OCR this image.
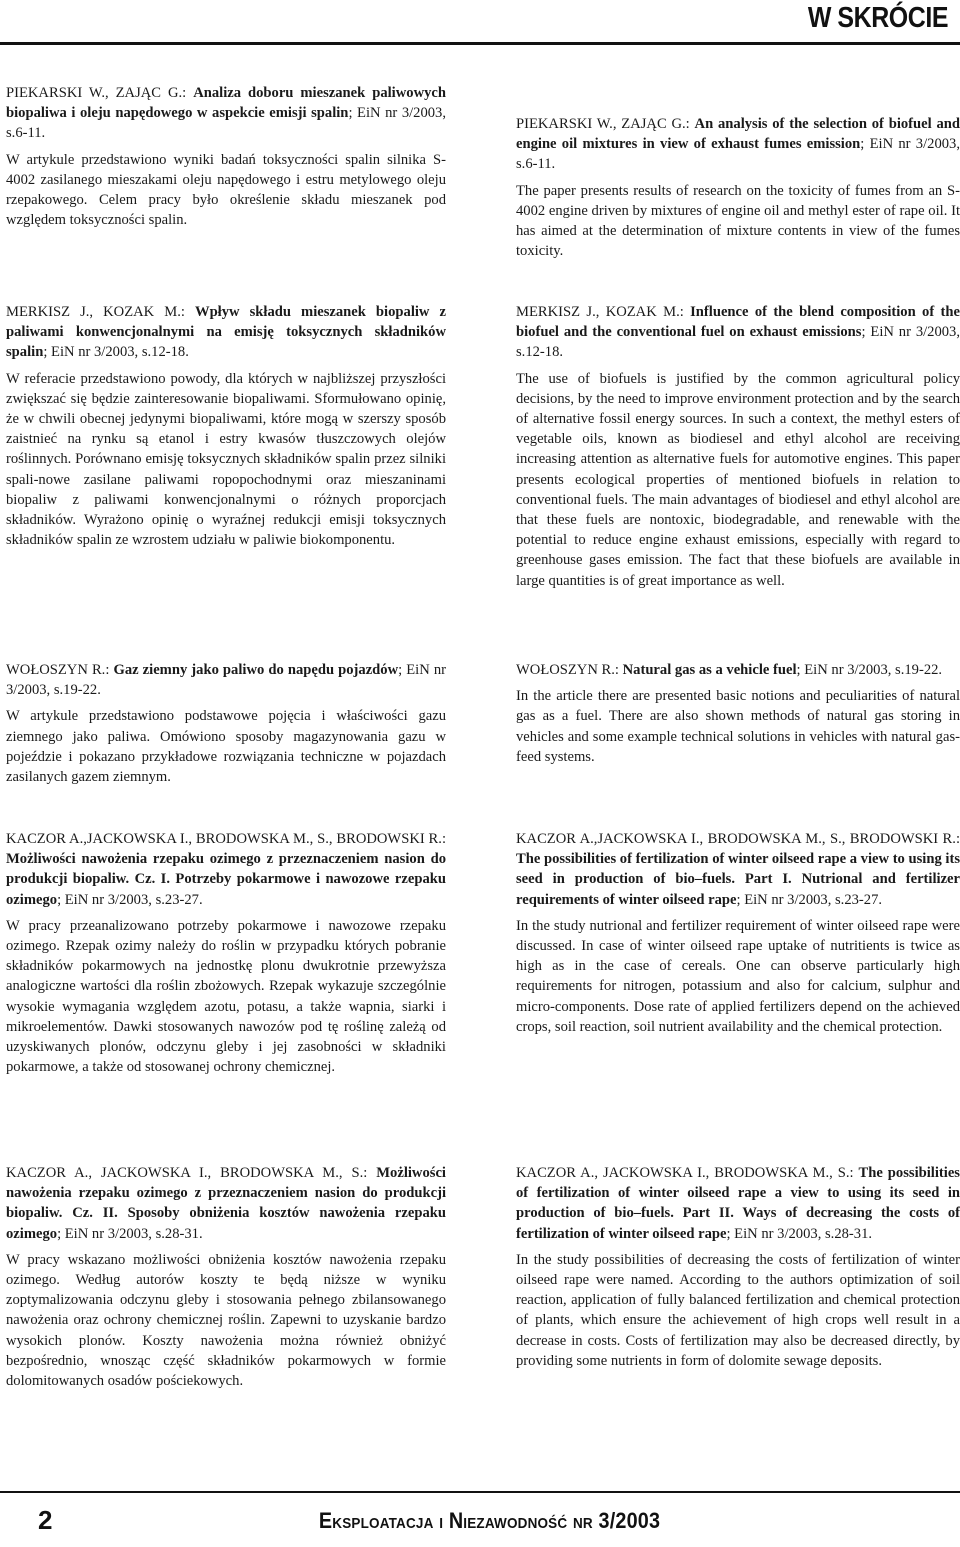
W SKRÓCIE

PIEKARSKI W., ZAJĄC G.: Analiza doboru mieszanek paliwowych biopaliwa i oleju napędowego w aspekcie emisji spalin; EiN nr 3/2003, s.6-11.

W artykule przedstawiono wyniki badań toksyczności spalin silnika S-4002 zasilanego mieszakami oleju napędowego i estru metylowego oleju rzepakowego. Celem pracy było określenie składu mieszanek pod względem toksyczności spalin.

PIEKARSKI W., ZAJĄC G.: An analysis of the selection of biofuel and engine oil mixtures in view of exhaust fumes emission; EiN nr 3/2003, s.6-11.

The paper presents results of research on the toxicity of fumes from an S-4002 engine driven by mixtures of engine oil and methyl ester of rape oil. It has aimed at the determination of mixture contents in view of the fumes toxicity.

MERKISZ J., KOZAK M.: Wpływ składu mieszanek biopaliw z paliwami konwencjonalnymi na emisję toksycznych składników spalin; EiN nr 3/2003, s.12-18.

W referacie przedstawiono powody, dla których w najbliższej przyszłości zwiększać się będzie zainteresowanie biopaliwami. Sformułowano opinię, że w chwili obecnej jedynymi biopaliwami, które mogą w szerszy sposób zaistnieć na rynku są etanol i estry kwasów tłuszczowych olejów roślinnych. Porównano emisję toksycznych składników spalin przez silniki spali-nowe zasilane paliwami ropopochodnymi oraz mieszaninami biopaliw z paliwami konwencjonalnymi o różnych proporcjach składników. Wyrażono opinię o wyraźnej redukcji emisji toksycznych składników spalin ze wzrostem udziału w paliwie biokomponentu.

MERKISZ J., KOZAK M.: Influence of the blend composition of the biofuel and the conventional fuel on exhaust emissions; EiN nr 3/2003, s.12-18.

The use of biofuels is justified by the common agricultural policy decisions, by the need to improve environment protection and by the search of alternative fossil energy sources. In such a context, the methyl esters of vegetable oils, known as biodiesel and ethyl alcohol are receiving increasing attention as alternative fuels for automotive engines. This paper presents ecological properties of mentioned biofuels in relation to conventional fuels. The main advantages of biodiesel and ethyl alcohol are that these fuels are nontoxic, biodegradable, and renewable with the potential to reduce engine exhaust emissions, especially with regard to greenhouse gases emission. The fact that these biofuels are available in large quantities is of great importance as well.

WOŁOSZYN R.: Gaz ziemny jako paliwo do napędu pojazdów; EiN nr 3/2003, s.19-22.

W artykule przedstawiono podstawowe pojęcia i właściwości gazu ziemnego jako paliwa. Omówiono sposoby magazynowania gazu w pojeździe i pokazano przykładowe rozwiązania techniczne w pojazdach zasilanych gazem ziemnym.

WOŁOSZYN R.: Natural gas as a vehicle fuel; EiN nr 3/2003, s.19-22.

In the article there are presented basic notions and peculiarities of natural gas as a fuel. There are also shown methods of natural gas storing in vehicles and some example technical solutions in vehicles with natural gas-feed systems.

KACZOR A.,JACKOWSKA I., BRODOWSKA M., S., BRODOWSKI R.: Możliwości nawożenia rzepaku ozimego z przeznaczeniem nasion do produkcji biopaliw. Cz. I. Potrzeby pokarmowe i nawozowe rzepaku ozimego; EiN nr 3/2003, s.23-27.

W pracy przeanalizowano potrzeby pokarmowe i nawozowe rzepaku ozimego. Rzepak ozimy należy do roślin w przypadku których pobranie składników pokarmowych na jednostkę plonu dwukrotnie przewyższa analogiczne wartości dla roślin zbożowych. Rzepak wykazuje szczególnie wysokie wymagania względem azotu, potasu, a także wapnia, siarki i mikroelementów. Dawki stosowanych nawozów pod tę roślinę zależą od uzyskiwanych plonów, odczynu gleby i jej zasobności w składniki pokarmowe, a także od stosowanej ochrony chemicznej.

KACZOR A.,JACKOWSKA I., BRODOWSKA M., S., BRODOWSKI R.: The possibilities of fertilization of winter oilseed rape a view to using its seed in production of bio–fuels. Part I. Nutrional and fertilizer requirements of winter oilseed rape; EiN nr 3/2003, s.23-27.

In the study nutrional and fertilizer requirement of winter oilseed rape were discussed. In case of winter oilseed rape uptake of nutritients is twice as high as in the case of cereals. One can observe particularly high requirements for nitrogen, potassium and also for calcium, sulphur and micro-components. Dose rate of applied fertilizers depend on the achieved crops, soil reaction, soil nutrient availability and the chemical protection.

KACZOR A., JACKOWSKA I., BRODOWSKA M., S.: Możliwości nawożenia rzepaku ozimego z przeznaczeniem nasion do produkcji biopaliw. Cz. II. Sposoby obniżenia kosztów nawożenia rzepaku ozimego; EiN nr 3/2003, s.28-31.

W pracy wskazano możliwości obniżenia kosztów nawożenia rzepaku ozimego. Według autorów koszty te będą niższe w wyniku zoptymalizowania odczynu gleby i stosowania pełnego zbilansowanego nawożenia oraz ochrony chemicznej roślin. Zapewni to uzyskanie bardzo wysokich plonów. Koszty nawożenia można również obniżyć bezpośrednio, wnosząc część składników pokarmowych w formie dolomitowanych osadów pościekowych.

KACZOR A., JACKOWSKA I., BRODOWSKA M., S.: The possibilities of fertilization of winter oilseed rape a view to using its seed in production of bio–fuels. Part II. Ways of decreasing the costs of fertilization of winter oilseed rape; EiN nr 3/2003, s.28-31.

In the study possibilities of decreasing the costs of fertilization of winter oilseed rape were named. According to the authors optimization of soil reaction, application of fully balanced fertilization and chemical protection of plants, which ensure the achievement of high crops well result in a decrease in costs. Costs of fertilization may also be decreased directly, by providing some nutrients in form of dolomite sewage deposits.

2	Eksploatacja i Niezawodność nr 3/2003
